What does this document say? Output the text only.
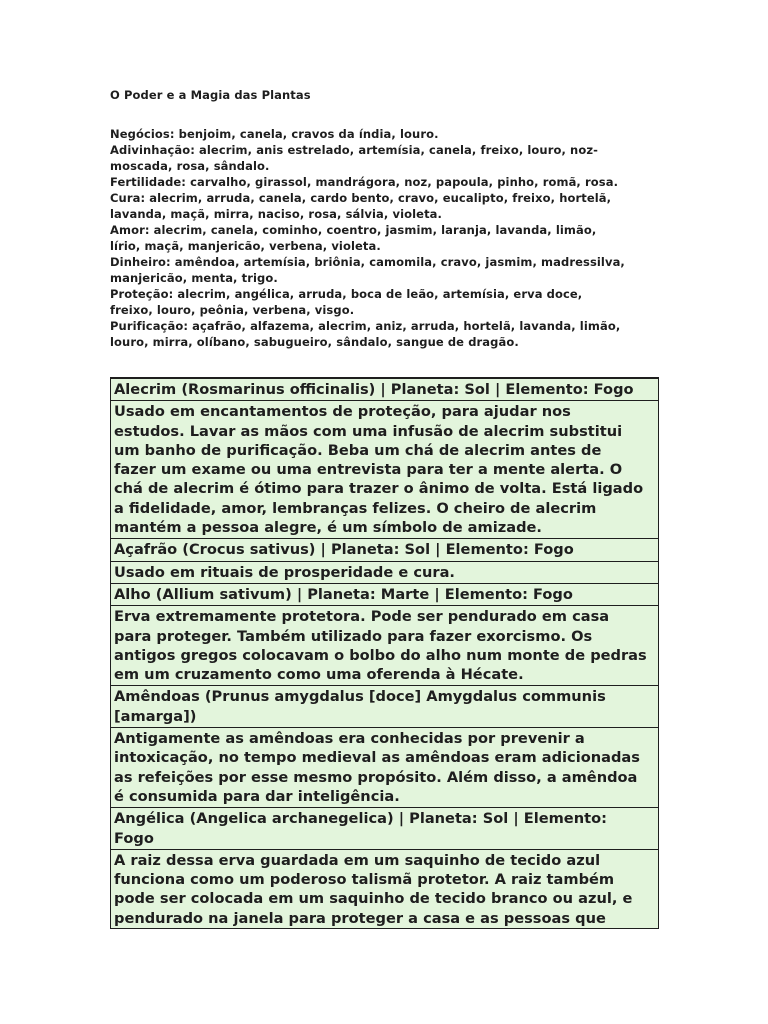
O Poder e a Magia das Plantas

Negócios: benjoim, canela, cravos da índia, louro.
Adivinhação: alecrim, anis estrelado, artemísia, canela, freixo, louro, noz-
moscada, rosa, sândalo.
Fertilidade: carvalho, girassol, mandrágora, noz, papoula, pinho, romã, rosa.
Cura: alecrim, arruda, canela, cardo bento, cravo, eucalipto, freixo, hortelã,
lavanda, maçã, mirra, naciso, rosa, sálvia, violeta.
Amor: alecrim, canela, cominho, coentro, jasmim, laranja, lavanda, limão,
lírio, maçã, manjericão, verbena, violeta.
Dinheiro: amêndoa, artemísia, briônia, camomila, cravo, jasmim, madressilva,
manjericão, menta, trigo.
Proteção: alecrim, angélica, arruda, boca de leão, artemísia, erva doce,
freixo, louro, peônia, verbena, visgo.
Purificação: açafrão, alfazema, alecrim, aniz, arruda, hortelã, lavanda, limão,
louro, mirra, olíbano, sabugueiro, sândalo, sangue de dragão.
Alecrim (Rosmarinus officinalis) | Planeta: Sol | Elemento: Fogo

Usado em encantamentos de proteção, para ajudar nos
estudos. Lavar as mãos com uma infusão de alecrim substitui
um banho de purificação. Beba um chá de alecrim antes de
fazer um exame ou uma entrevista para ter a mente alerta. O
chá de alecrim é ótimo para trazer o ânimo de volta. Está ligado
a fidelidade, amor, lembranças felizes. O cheiro de alecrim
mantém a pessoa alegre, é um símbolo de amizade.

Açafrão (Crocus sativus) | Planeta: Sol | Elemento: Fogo

Usado em rituais de prosperidade e cura.

Alho (Allium sativum) | Planeta: Marte | Elemento: Fogo

Erva extremamente protetora. Pode ser pendurado em casa
para proteger. Também utilizado para fazer exorcismo. Os
antigos gregos colocavam o bolbo do alho num monte de pedras
em um cruzamento como uma oferenda à Hécate.

Amêndoas (Prunus amygdalus [doce] Amygdalus communis
[amarga])

Antigamente as amêndoas era conhecidas por prevenir a
intoxicação, no tempo medieval as amêndoas eram adicionadas
as refeições por esse mesmo propósito. Além disso, a amêndoa
é consumida para dar inteligência.

Angélica (Angelica archanegelica) | Planeta: Sol | Elemento:
Fogo

A raiz dessa erva guardada em um saquinho de tecido azul
funciona como um poderoso talismã protetor. A raiz também
pode ser colocada em um saquinho de tecido branco ou azul, e
pendurado na janela para proteger a casa e as pessoas que
